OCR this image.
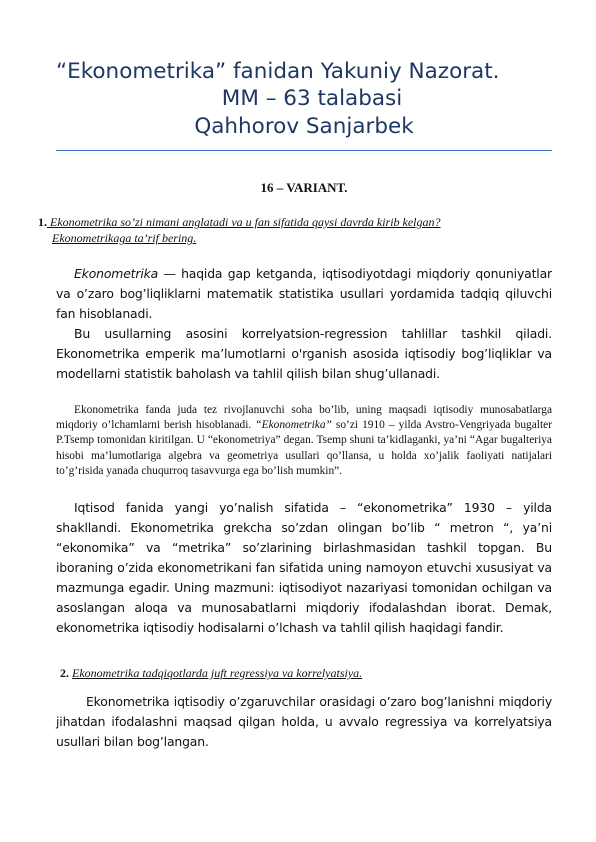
“Ekonometrika” fanidan Yakuniy Nazorat.
MM – 63 talabasi
Qahhorov Sanjarbek
16 – VARIANT.
1. Ekonometrika so’zi nimani anglatadi va u fan sifatida qaysi davrda kirib kelgan?
Ekonometrikaga ta’rif bering.

Ekonometrika — haqida gap ketganda, iqtisodiyotdagi miqdoriy qonuniyatlar va o’zaro bog’liqliklarni matematik statistika usullari yordamida tadqiq qiluvchi fan hisoblanadi.

Bu usullarning asosini korrelyatsion-regression tahlillar tashkil qiladi. Ekonometrika emperik ma’lumotlarni o'rganish asosida iqtisodiy bog’liqliklar va modellarni statistik baholash va tahlil qilish bilan shug’ullanadi.

Ekonometrika fanda juda tez rivojlanuvchi soha bo’lib, uning maqsadi iqtisodiy munosabatlarga miqdoriy o’lchamlarni berish hisoblanadi. “Ekonometrika” so’zi 1910 – yilda Avstro-Vengriyada bugalter P.Tsemp tomonidan kiritilgan. U “ekonometriya” degan. Tsemp shuni ta’kidlaganki, ya’ni “Agar bugalteriya hisobi ma’lumotlariga algebra va geometriya usullari qo’llansa, u holda xo’jalik faoliyati natijalari to’g’risida yanada chuqurroq tasavvurga ega bo’lish mumkin”.

Iqtisod fanida yangi yo’nalish sifatida – “ekonometrika” 1930 – yilda shakllandi. Ekonometrika grekcha so’zdan olingan bo’lib “ metron “, ya’ni “ekonomika” va “metrika” so’zlarining birlashmasidan tashkil topgan. Bu iboraning o’zida ekonometrikani fan sifatida uning namoyon etuvchi xususiyat va mazmunga egadir. Uning mazmuni: iqtisodiyot nazariyasi tomonidan ochilgan va asoslangan aloqa va munosabatlarni miqdoriy ifodalashdan iborat. Demak, ekonometrika iqtisodiy hodisalarni o’lchash va tahlil qilish haqidagi fandir.

2. Ekonometrika tadqiqotlarda juft regressiya va korrelyatsiya.

Ekonometrika iqtisodiy o’zgaruvchilar orasidagi o’zaro bog’lanishni miqdoriy jihatdan ifodalashni maqsad qilgan holda, u avvalo regressiya va korrelyatsiya usullari bilan bog’langan.
